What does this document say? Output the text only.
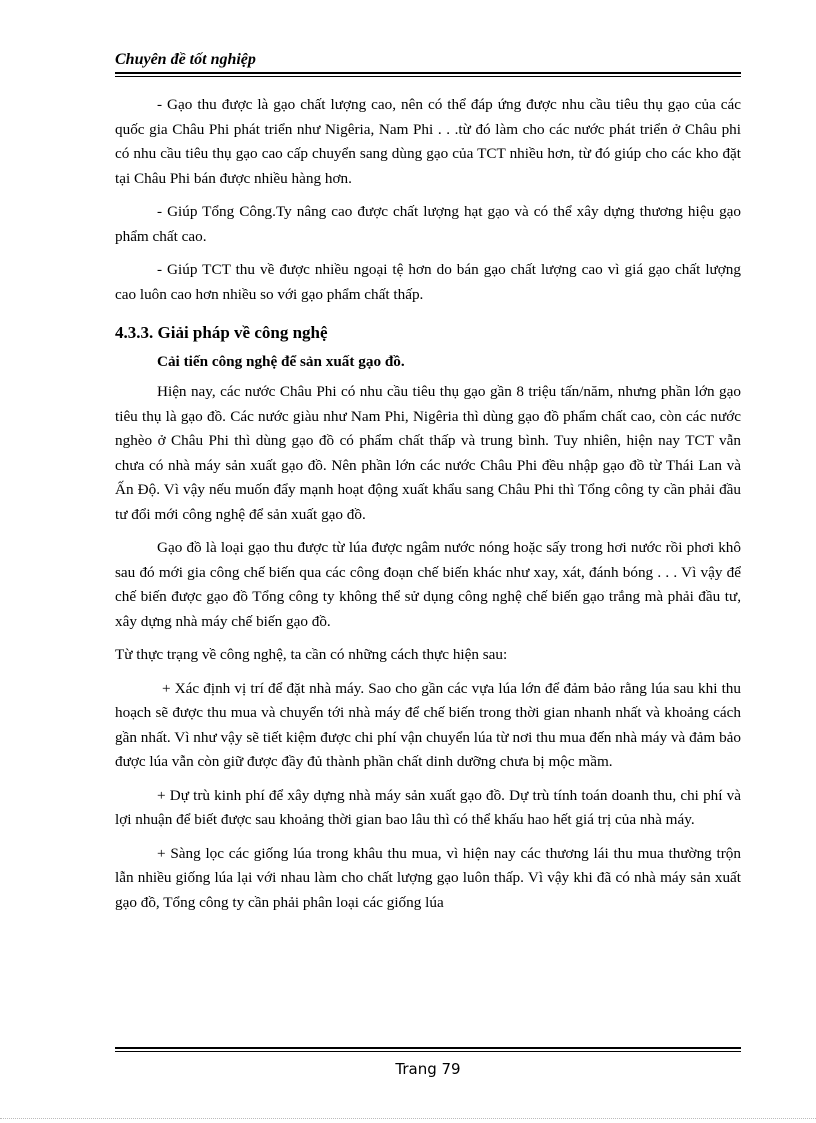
Chuyên đề tốt nghiệp

- Gạo thu được là gạo chất lượng cao, nên có thể đáp ứng được nhu cầu tiêu thụ gạo của các quốc gia Châu Phi phát triển như Nigêria, Nam Phi . . .từ đó làm cho các nước phát triển ở Châu phi có nhu cầu tiêu thụ gạo cao cấp chuyển sang dùng gạo của TCT nhiều hơn, từ đó giúp cho các kho đặt tại Châu Phi bán được nhiều hàng hơn.

- Giúp Tổng Công.Ty nâng cao được chất lượng hạt gạo và có thể xây dựng thương hiệu gạo phẩm chất cao.

- Giúp TCT thu về được nhiều ngoại tệ hơn do bán gạo chất lượng cao vì giá gạo chất lượng cao luôn cao hơn nhiều so với gạo phẩm chất thấp.

4.3.3. Giải pháp về công nghệ

Cải tiến công nghệ để sản xuất gạo đồ.

Hiện nay, các nước Châu Phi có nhu cầu tiêu thụ gạo gần 8 triệu tấn/năm, nhưng phần lớn gạo tiêu thụ là gạo đồ. Các nước giàu như Nam Phi, Nigêria thì dùng gạo đồ phẩm chất cao, còn các nước nghèo ở Châu Phi thì dùng gạo đồ có phẩm chất thấp và trung bình. Tuy nhiên, hiện nay TCT vẫn chưa có nhà máy sản xuất gạo đồ. Nên phần lớn các nước Châu Phi đều nhập gạo đồ từ Thái Lan và Ấn Độ. Vì vậy nếu muốn đẩy mạnh hoạt động xuất khẩu sang Châu Phi thì Tổng công ty cần phải đầu tư đổi mới công nghệ để sản xuất gạo đồ.

Gạo đồ là loại gạo thu được từ lúa được ngâm nước nóng hoặc sấy trong hơi nước rồi phơi khô sau đó mới gia công chế biến qua các công đoạn chế biến khác như xay, xát, đánh bóng . . . Vì vậy để chế biến được gạo đồ Tổng công ty không thể sử dụng công nghệ chế biến gạo trắng mà phải đầu tư, xây dựng nhà máy chế biến gạo đồ.

Từ thực trạng về công nghệ, ta cần có những cách thực hiện sau:

+ Xác định vị trí để đặt nhà máy. Sao cho gần các vựa lúa lớn để đảm bảo rằng lúa sau khi thu hoạch sẽ được thu mua và chuyển tới nhà máy để chế biến trong thời gian nhanh nhất và khoảng cách gần nhất. Vì như vậy sẽ tiết kiệm được chi phí vận chuyển lúa từ nơi thu mua đến nhà máy và đảm bảo được lúa vẫn còn giữ được đầy đủ thành phần chất dinh dưỡng chưa bị mộc mầm.

+ Dự trù kinh phí để xây dựng nhà máy sản xuất gạo đồ. Dự trù tính toán doanh thu, chi phí và lợi nhuận để biết được sau khoảng thời gian bao lâu thì có thể khấu hao hết giá trị của nhà máy.

+ Sàng lọc các giống lúa trong khâu thu mua, vì hiện nay các thương lái thu mua thường trộn lẫn nhiều giống lúa lại với nhau làm cho chất lượng gạo luôn thấp. Vì vậy khi đã có nhà máy sản xuất gạo đồ, Tổng công ty cần phải phân loại các giống lúa

Trang 79
